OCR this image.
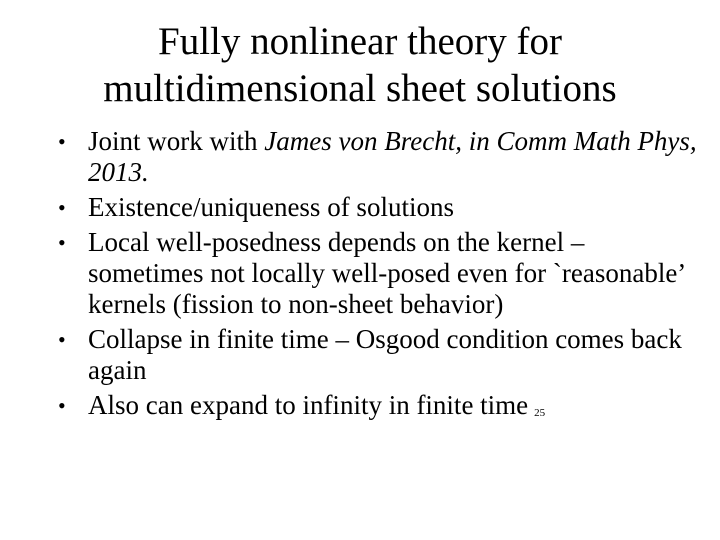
Fully nonlinear theory for
multidimensional sheet solutions
• Joint work with James von Brecht, in Comm Math Phys, 2013.
• Existence/uniqueness of solutions
• Local well-posedness depends on the kernel – sometimes not locally well-posed even for `reasonable’ kernels (fission to non-sheet behavior)
• Collapse in finite time – Osgood condition comes back again
• Also can expand to infinity in finite time 25
